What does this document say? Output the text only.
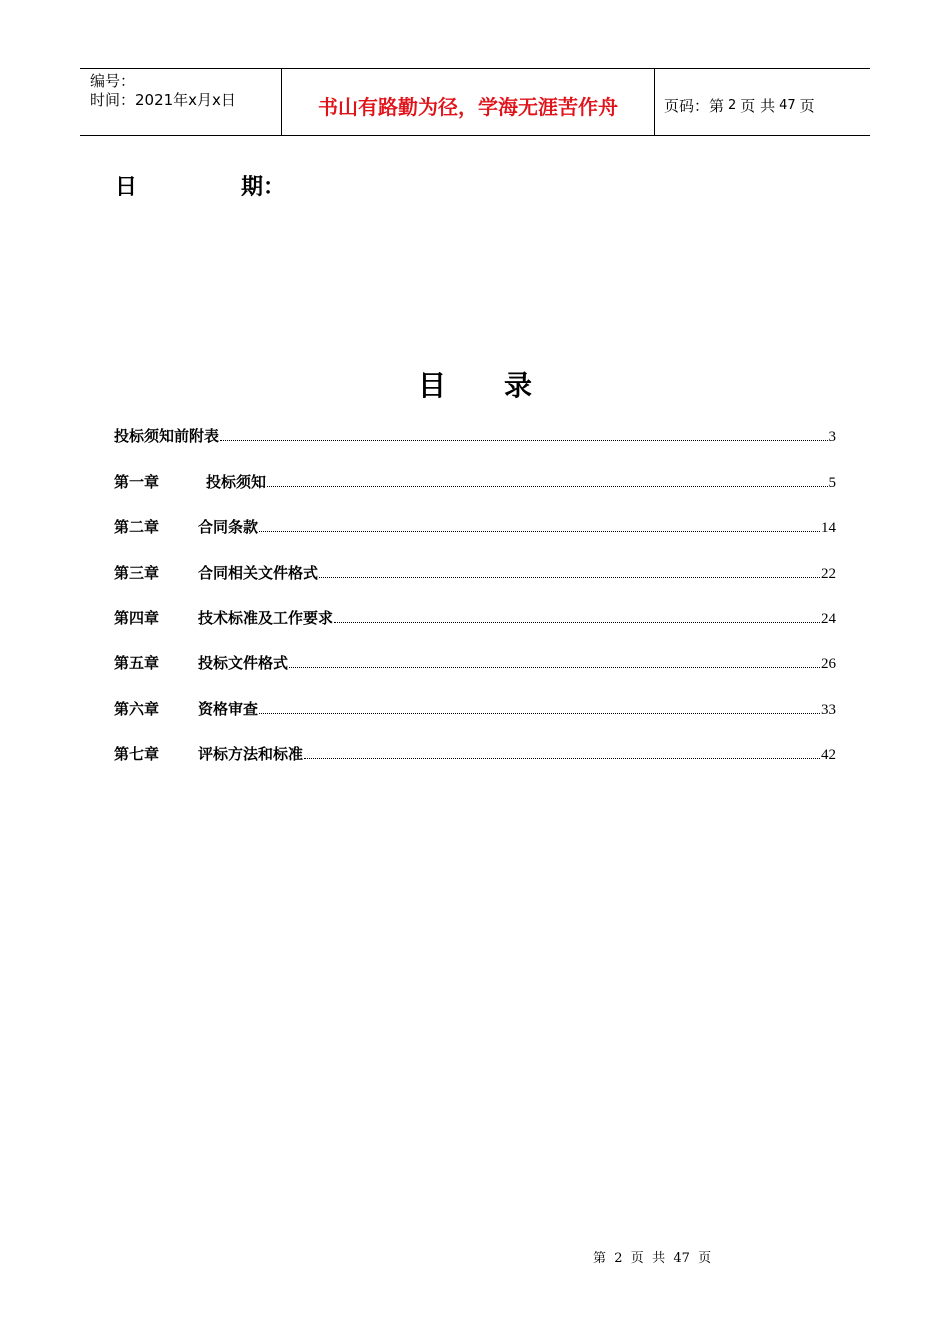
编号：
时间：2021年x月x日	书山有路勤为径，学海无涯苦作舟	页码：第 2 页 共 47 页
日	期：
目 录
投标须知前附表	3
第一章	投标须知	5
第二章	合同条款	14
第三章	合同相关文件格式	22
第四章	技术标准及工作要求	24
第五章	投标文件格式	26
第六章	资格审查	33
第七章	评标方法和标准	42
第  2  页  共  47  页
